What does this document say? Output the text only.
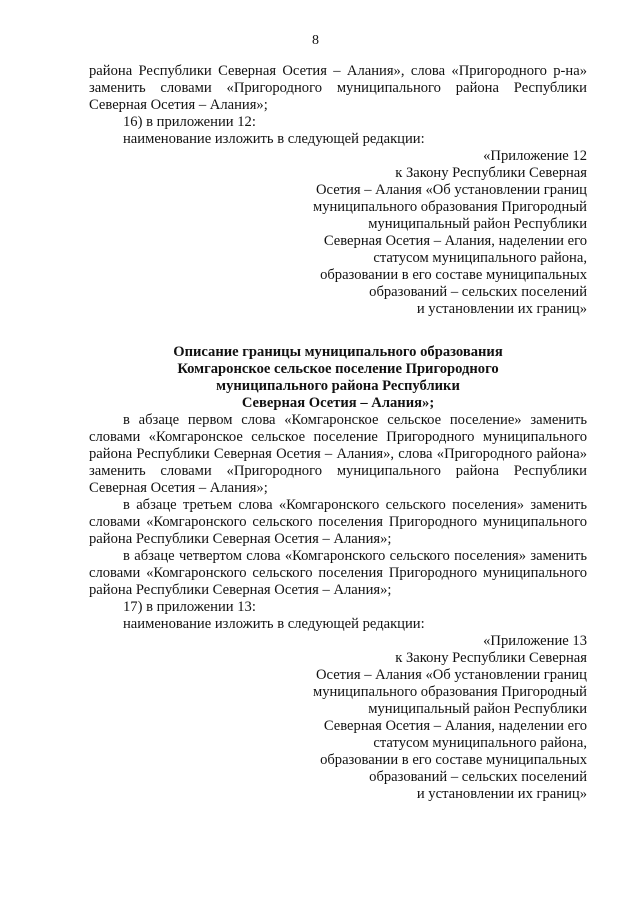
8

района Республики Северная Осетия – Алания», слова «Пригородного р-на» заменить словами «Пригородного муниципального района Республики Северная Осетия – Алания»;

16) в приложении 12:

наименование изложить в следующей редакции:

«Приложение 12
к Закону Республики Северная
Осетия – Алания «Об установлении границ
муниципального образования Пригородный
муниципальный район Республики
Северная Осетия – Алания, наделении его
статусом муниципального района,
образовании в его составе муниципальных
образований – сельских поселений
и установлении их границ»
Описание границы муниципального образования
Комгаронское сельское поселение Пригородного
муниципального района Республики
Северная Осетия – Алания»;

в абзаце первом слова «Комгаронское сельское поселение» заменить словами «Комгаронское сельское поселение Пригородного муниципального района Республики Северная Осетия – Алания», слова «Пригородного района» заменить словами «Пригородного муниципального района Республики Северная Осетия – Алания»;

в абзаце третьем слова «Комгаронского сельского поселения» заменить словами «Комгаронского сельского поселения Пригородного муниципального района Республики Северная Осетия – Алания»;

в абзаце четвертом слова «Комгаронского сельского поселения» заменить словами «Комгаронского сельского поселения Пригородного муниципального района Республики Северная Осетия – Алания»;

17) в приложении 13:

наименование изложить в следующей редакции:

«Приложение 13
к Закону Республики Северная
Осетия – Алания «Об установлении границ
муниципального образования Пригородный
муниципальный район Республики
Северная Осетия – Алания, наделении его
статусом муниципального района,
образовании в его составе муниципальных
образований – сельских поселений
и установлении их границ»
